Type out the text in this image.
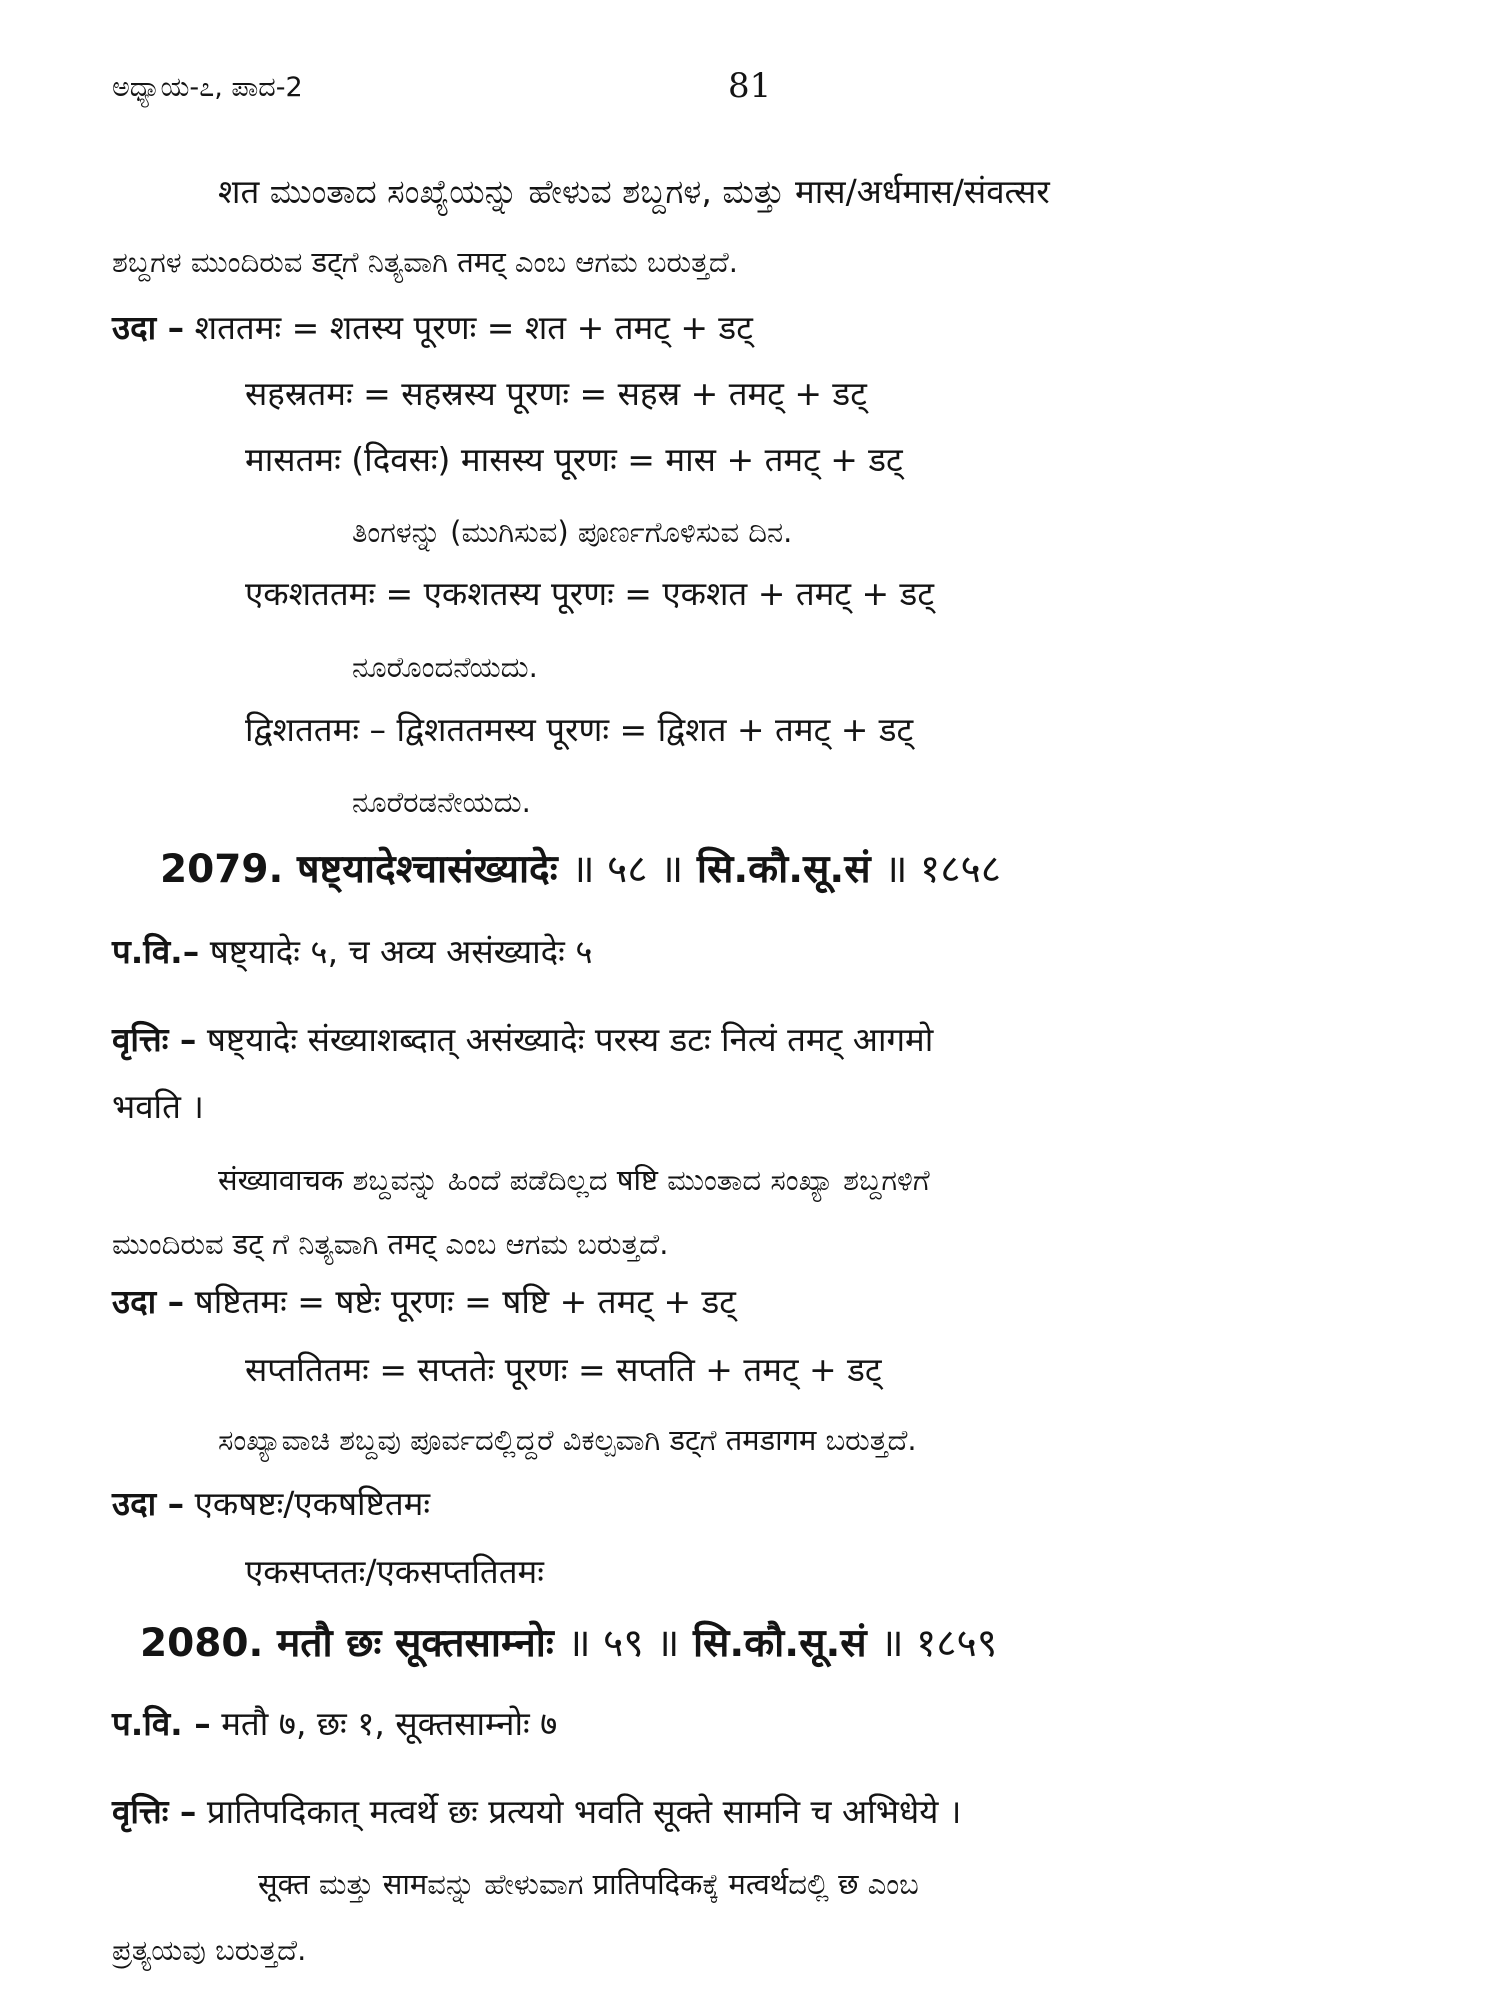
ಅಧ್ಯಾಯ-೭, ಪಾದ-2	81
शत ಮುಂತಾದ ಸಂಖ್ಯೆಯನ್ನು ಹೇಳುವ ಶಬ್ದಗಳ, ಮತ್ತು मास/अर्धमास/संवत्सर
ಶಬ್ದಗಳ ಮುಂದಿರುವ डट्‌ಗೆ ನಿತ್ಯವಾಗಿ तमट् ಎಂಬ ಆಗಮ ಬರುತ್ತದೆ.
उदा – शततमः = शतस्य पूरणः = शत + तमट् + डट्
सहस्रतमः = सहस्रस्य पूरणः = सहस्र + तमट् + डट्
मासतमः (दिवसः) मासस्य पूरणः = मास + तमट् + डट्
ತಿಂಗಳನ್ನು (ಮುಗಿಸುವ) ಪೂರ್ಣಗೊಳಿಸುವ ದಿನ.
एकशततमः = एकशतस्य पूरणः = एकशत + तमट् + डट्
ನೂರೊಂದನೆಯದು.
द्विशततमः – द्विशततमस्य पूरणः = द्विशत + तमट् + डट्
ನೂರೆರಡನೇಯದು.
2079. षष्ट्यादेश्चासंख्यादेः ॥ ५८ ॥ सि.कौ.सू.सं ॥ १८५८
प.वि.– षष्ट्यादेः ५, च अव्य असंख्यादेः ५
वृत्तिः – षष्ट्यादेः संख्याशब्दात् असंख्यादेः परस्य डटः नित्यं तमट् आगमो
भवति ।
संख्यावाचक ಶಬ್ದವನ್ನು ಹಿಂದೆ ಪಡೆದಿಲ್ಲದ षष्टि ಮುಂತಾದ ಸಂಖ್ಯಾ ಶಬ್ದಗಳಿಗೆ
ಮುಂದಿರುವ डट् ಗೆ ನಿತ್ಯವಾಗಿ तमट् ಎಂಬ ಆಗಮ ಬರುತ್ತದೆ.
उदा – षष्टितमः = षष्टेः पूरणः = षष्टि + तमट् + डट्
सप्ततितमः = सप्ततेः पूरणः = सप्तति + तमट् + डट्
ಸಂಖ್ಯಾವಾಚಿ ಶಬ್ದವು ಪೂರ್ವದಲ್ಲಿದ್ದರೆ ವಿಕಲ್ಪವಾಗಿ डट्‌ಗೆ तमडागम ಬರುತ್ತದೆ.
उदा – एकषष्टः/एकषष्टितमः
एकसप्ततः/एकसप्ततितमः
2080. मतौ छः सूक्तसाम्नोः ॥ ५९ ॥ सि.कौ.सू.सं ॥ १८५९
प.वि. – मतौ ७, छः १, सूक्तसाम्नोः ७
वृत्तिः – प्रातिपदिकात् मत्वर्थे छः प्रत्ययो भवति सूक्ते सामनि च अभिधेये ।
सूक्त ಮತ್ತು सामವನ್ನು ಹೇಳುವಾಗ प्रातिपदिकಕ್ಕೆ मत्वर्थದಲ್ಲಿ छ ಎಂಬ
ಪ್ರತ್ಯಯವು ಬರುತ್ತದೆ.
